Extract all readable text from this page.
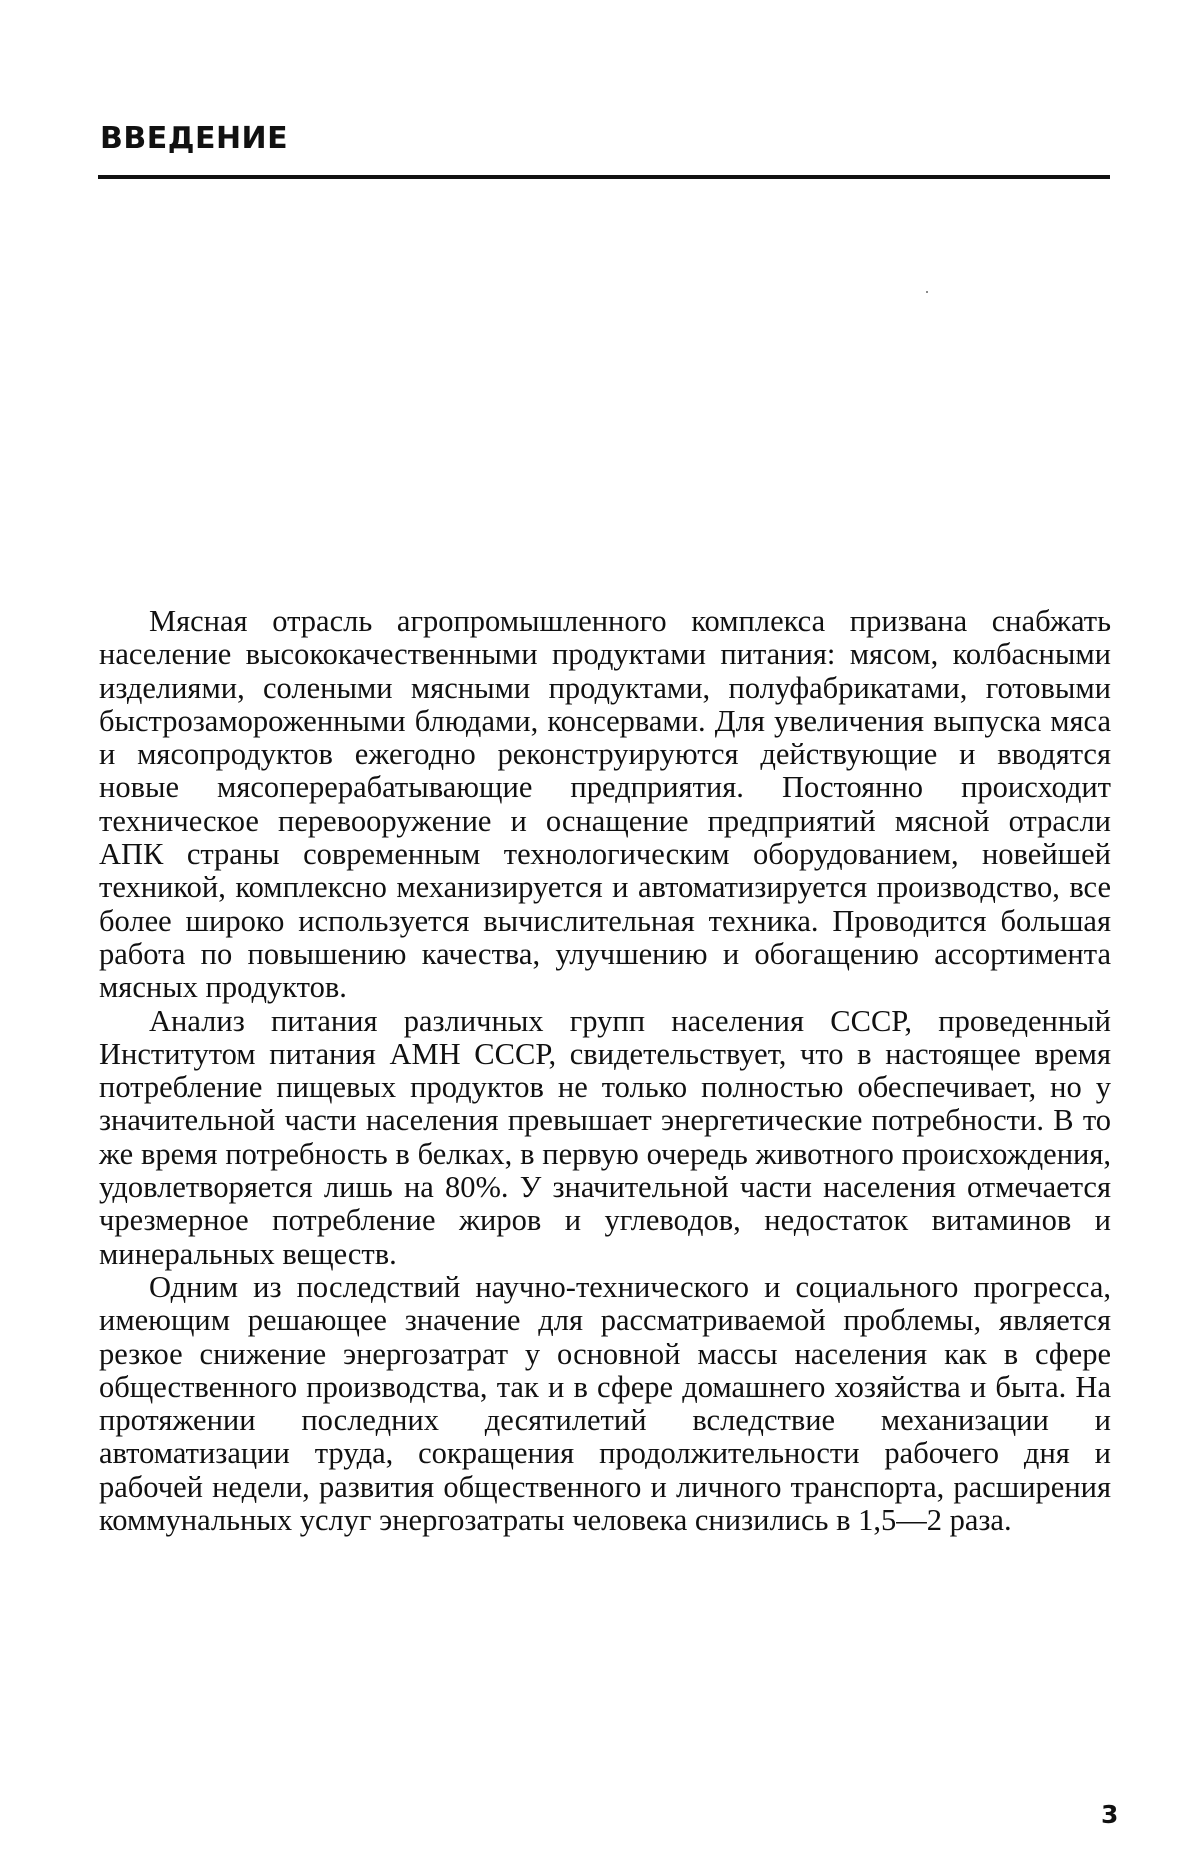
ВВЕДЕНИЕ

Мясная отрасль агропромышленного комплекса призвана снабжать население высококачественными продуктами питания: мясом, колбасными изделиями, солеными мясными продуктами, полуфабрикатами, готовыми быстрозамороженными блюдами, консервами. Для увеличения выпуска мяса и мясопродуктов ежегодно реконструируются действующие и вводятся новые мясоперерабатывающие предприятия. Постоянно происходит техническое перевооружение и оснащение предприятий мясной отрасли АПК страны современным технологическим оборудованием, новейшей техникой, комплексно механизируется и автоматизируется производство, все более широко используется вычислительная техника. Проводится большая работа по повышению качества, улучшению и обогащению ассортимента мясных продуктов.

Анализ питания различных групп населения СССР, проведенный Институтом питания АМН СССР, свидетельствует, что в настоящее время потребление пищевых продуктов не только полностью обеспечивает, но у значительной части населения превышает энергетические потребности. В то же время потребность в белках, в первую очередь животного происхождения, удовлетворяется лишь на 80%. У значительной части населения отмечается чрезмерное потребление жиров и углеводов, недостаток витаминов и минеральных веществ.

Одним из последствий научно-технического и социального прогресса, имеющим решающее значение для рассматриваемой проблемы, является резкое снижение энергозатрат у основной массы населения как в сфере общественного производства, так и в сфере домашнего хозяйства и быта. На протяжении последних десятилетий вследствие механизации и автоматизации труда, сокращения продолжительности рабочего дня и рабочей недели, развития общественного и личного транспорта, расширения коммунальных услуг энергозатраты человека снизились в 1,5—2 раза.

3
